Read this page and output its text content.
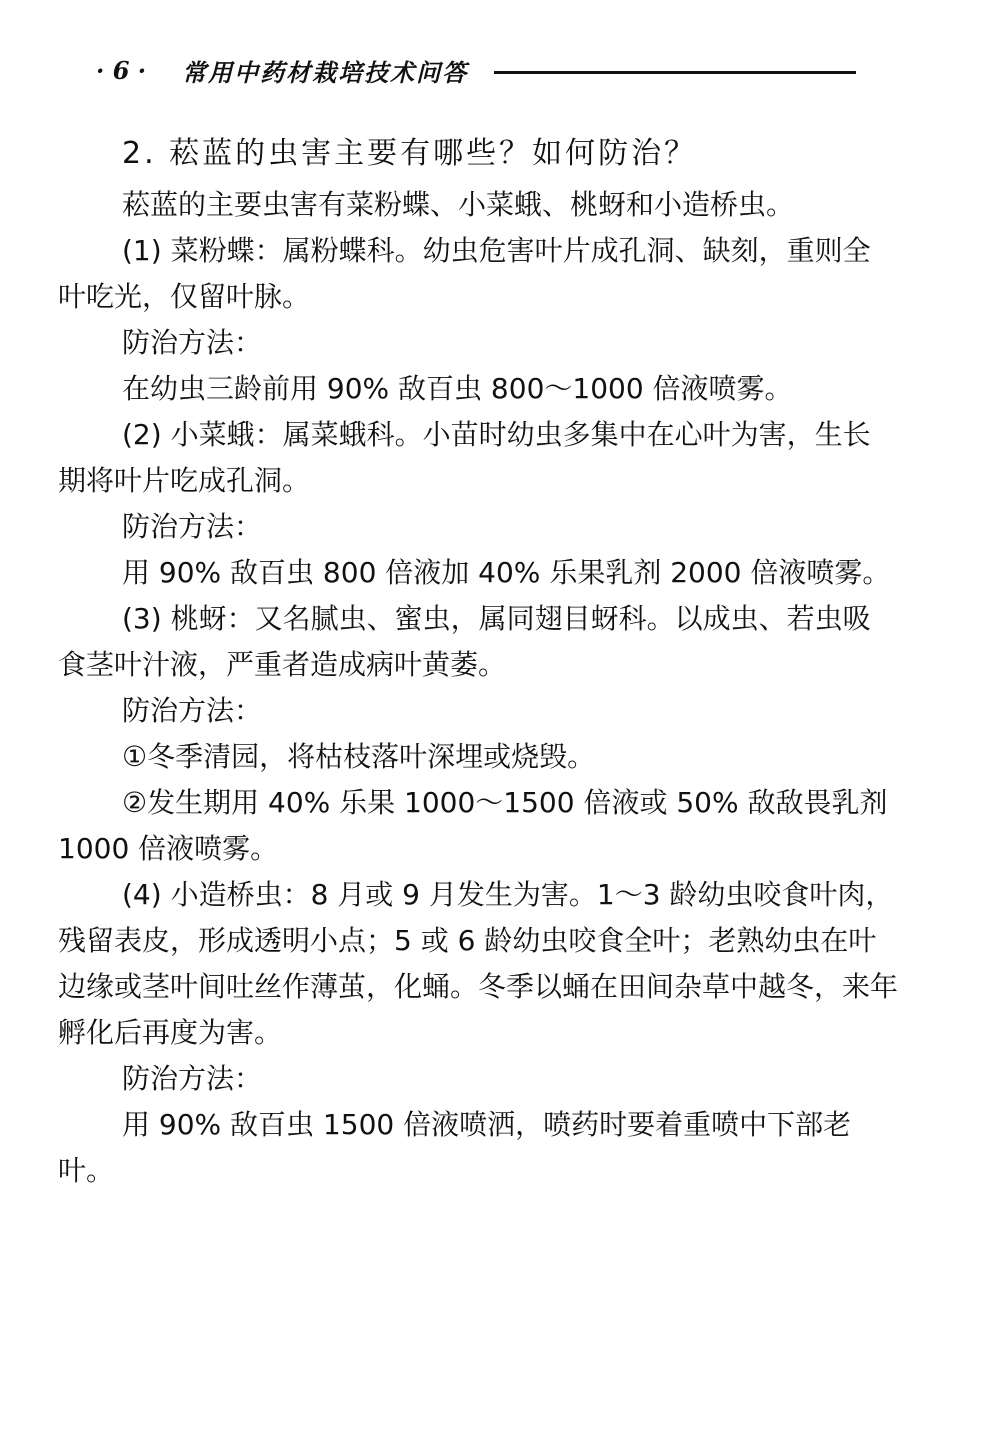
· 6 · 常用中药材栽培技术问答
2. 菘蓝的虫害主要有哪些？如何防治？

菘蓝的主要虫害有菜粉蝶、小菜蛾、桃蚜和小造桥虫。

(1) 菜粉蝶：属粉蝶科。幼虫危害叶片成孔洞、缺刻，重则全叶吃光，仅留叶脉。

防治方法：

在幼虫三龄前用 90% 敌百虫 800～1000 倍液喷雾。

(2) 小菜蛾：属菜蛾科。小苗时幼虫多集中在心叶为害，生长期将叶片吃成孔洞。

防治方法：

用 90% 敌百虫 800 倍液加 40% 乐果乳剂 2000 倍液喷雾。

(3) 桃蚜：又名腻虫、蜜虫，属同翅目蚜科。以成虫、若虫吸食茎叶汁液，严重者造成病叶黄萎。

防治方法：

①冬季清园，将枯枝落叶深埋或烧毁。

②发生期用 40% 乐果 1000～1500 倍液或 50% 敌敌畏乳剂 1000 倍液喷雾。

(4) 小造桥虫：8 月或 9 月发生为害。1～3 龄幼虫咬食叶肉，残留表皮，形成透明小点；5 或 6 龄幼虫咬食全叶；老熟幼虫在叶边缘或茎叶间吐丝作薄茧，化蛹。冬季以蛹在田间杂草中越冬，来年孵化后再度为害。

防治方法：

用 90% 敌百虫 1500 倍液喷洒，喷药时要着重喷中下部老叶。
